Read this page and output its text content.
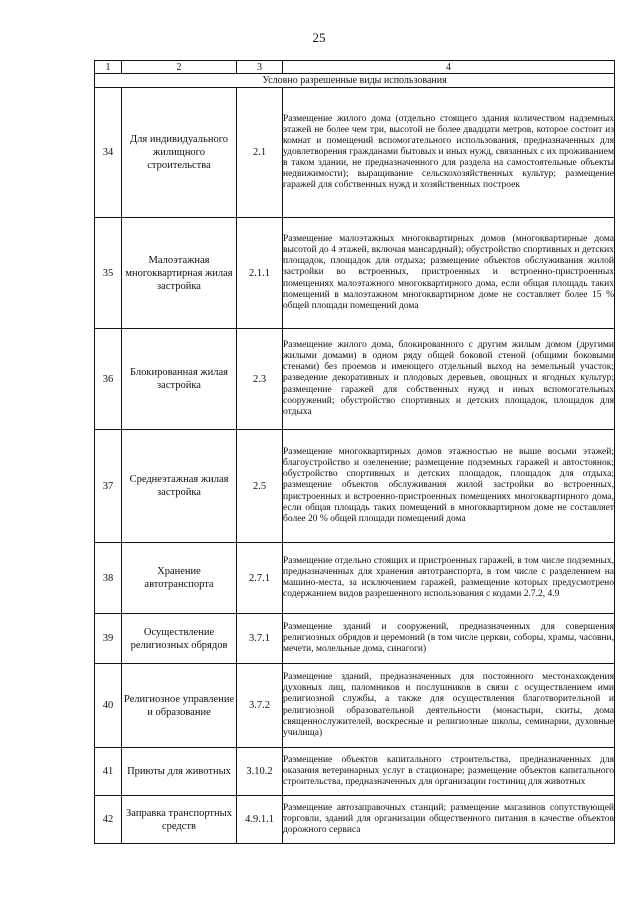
25
1	2	3	4
Условно разрешенные виды использования			
34	Для индивидуального жилищного строительства	2.1	Размещение жилого дома (отдельно стоящего здания количеством надземных этажей не более чем три, высотой не более двадцати метров, которое состоит из комнат и помещений вспомогательного использования, предназначенных для удовлетворения гражданами бытовых и иных нужд, связанных с их проживанием в таком здании, не предназначенного для раздела на самостоятельные объекты недвижимости); выращивание сельскохозяйственных культур; размещение гаражей для собственных нужд и хозяйственных построек
35	Малоэтажная многоквартирная жилая застройка	2.1.1	Размещение малоэтажных многоквартирных домов (многоквартирные дома высотой до 4 этажей, включая мансардный); обустройство спортивных и детских площадок, площадок для отдыха; размещение объектов обслуживания жилой застройки во встроенных, пристроенных и встроенно-пристроенных помещениях малоэтажного многоквартирного дома, если общая площадь таких помещений в малоэтажном многоквартирном доме не составляет более 15 % общей площади помещений дома
36	Блокированная жилая застройка	2.3	Размещение жилого дома, блокированного с другим жилым домом (другими жилыми домами) в одном ряду общей боковой стеной (общими боковыми стенами) без проемов и имеющего отдельный выход на земельный участок; разведение декоративных и плодовых деревьев, овощных и ягодных культур; размещение гаражей для собственных нужд и иных вспомогательных сооружений; обустройство спортивных и детских площадок, площадок для отдыха
37	Среднеэтажная жилая застройка	2.5	Размещение многоквартирных домов этажностью не выше восьми этажей; благоустройство и озеленение; размещение подземных гаражей и автостоянок; обустройство спортивных и детских площадок, площадок для отдыха; размещение объектов обслуживания жилой застройки во встроенных, пристроенных и встроенно-пристроенных помещениях многоквартирного дома, если общая площадь таких помещений в многоквартирном доме не составляет более 20 % общей площади помещений дома
38	Хранение автотранспорта	2.7.1	Размещение отдельно стоящих и пристроенных гаражей, в том числе подземных, предназначенных для хранения автотранспорта, в том числе с разделением на машино-места, за исключением гаражей, размещение которых предусмотрено содержанием видов разрешенного использования с кодами 2.7.2, 4.9
39	Осуществление религиозных обрядов	3.7.1	Размещение зданий и сооружений, предназначенных для совершения религиозных обрядов и церемоний (в том числе церкви, соборы, храмы, часовни, мечети, молельные дома, синагоги)
40	Религиозное управление и образование	3.7.2	Размещение зданий, предназначенных для постоянного местонахождения духовных лиц, паломников и послушников в связи с осуществлением ими религиозной службы, а также для осуществления благотворительной и религиозной образовательной деятельности (монастыри, скиты, дома священнослужителей, воскресные и религиозные школы, семинарии, духовные училища)
41	Приюты для животных	3.10.2	Размещение объектов капитального строительства, предназначенных для оказания ветеринарных услуг в стационаре; размещение объектов капитального строительства, предназначенных для организации гостиниц для животных
42	Заправка транспортных средств	4.9.1.1	Размещение автозаправочных станций; размещение магазинов сопутствующей торговли, зданий для организации общественного питания в качестве объектов дорожного сервиса
